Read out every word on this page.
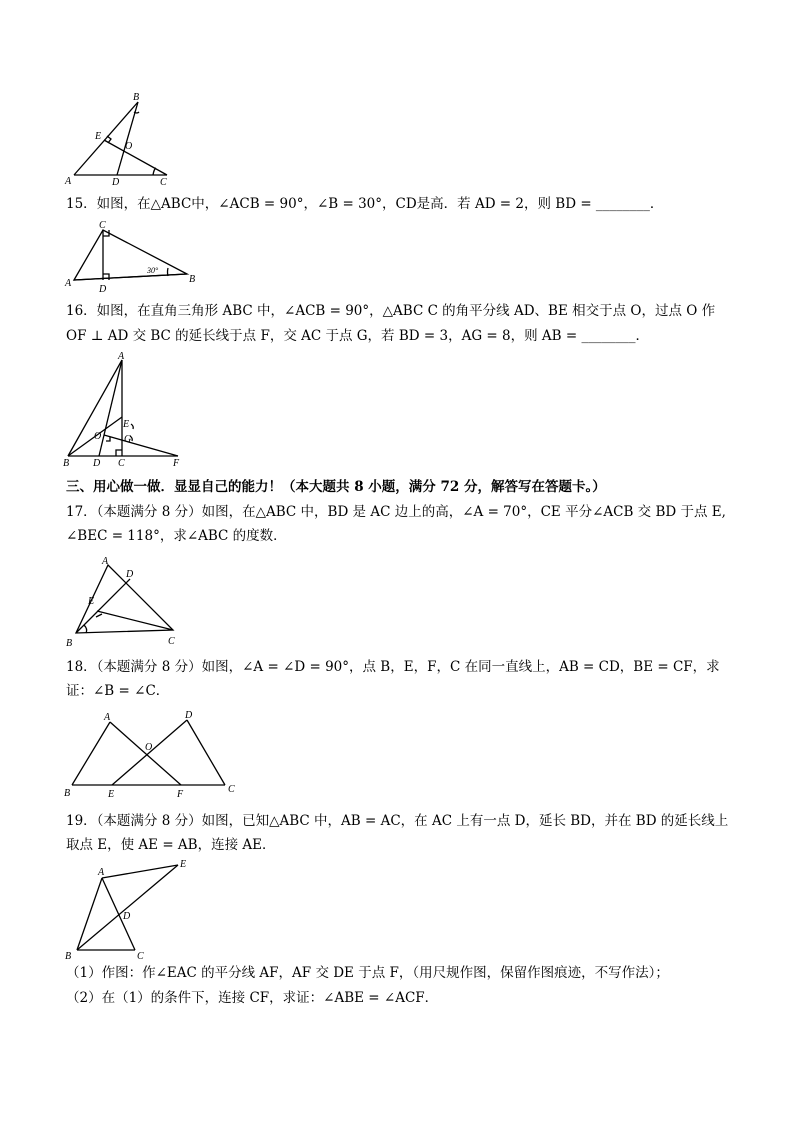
B
E
O
A	D	C
15．如图，在△ABC中，∠ACB = 90°，∠B = 30°，CD是高．若 AD = 2，则 BD = ________．
C
A
D
B
30°
16．如图，在直角三角形 ABC 中，∠ACB = 90°，△ABC C 的角平分线 AD、BE 相交于点 O，过点 O 作
OF ⊥ AD 交 BC 的延长线于点 F，交 AC 于点 G，若 BD = 3，AG = 8，则 AB = ________．
A
E
O G
B D C	F
三、用心做一做．显显自己的能力！（本大题共 8 小题，满分 72 分，解答写在答题卡。）
17．（本题满分 8 分）如图，在△ABC 中，BD 是 AC 边上的高，∠A = 70°，CE 平分∠ACB 交 BD 于点 E,
∠BEC = 118°，求∠ABC 的度数．
A
D
E
B	C
18．（本题满分 8 分）如图，∠A = ∠D = 90°，点 B，E，F，C 在同一直线上，AB = CD，BE = CF，求
证：∠B = ∠C．
A	D
O
B	E	F	C
19．（本题满分 8 分）如图，已知△ABC 中，AB = AC，在 AC 上有一点 D，延长 BD，并在 BD 的延长线上
取点 E，使 AE = AB，连接 AE．
A
E
D
B	C
（1）作图：作∠EAC 的平分线 AF，AF 交 DE 于点 F，（用尺规作图，保留作图痕迹，不写作法）；
（2）在（1）的条件下，连接 CF，求证：∠ABE = ∠ACF．
